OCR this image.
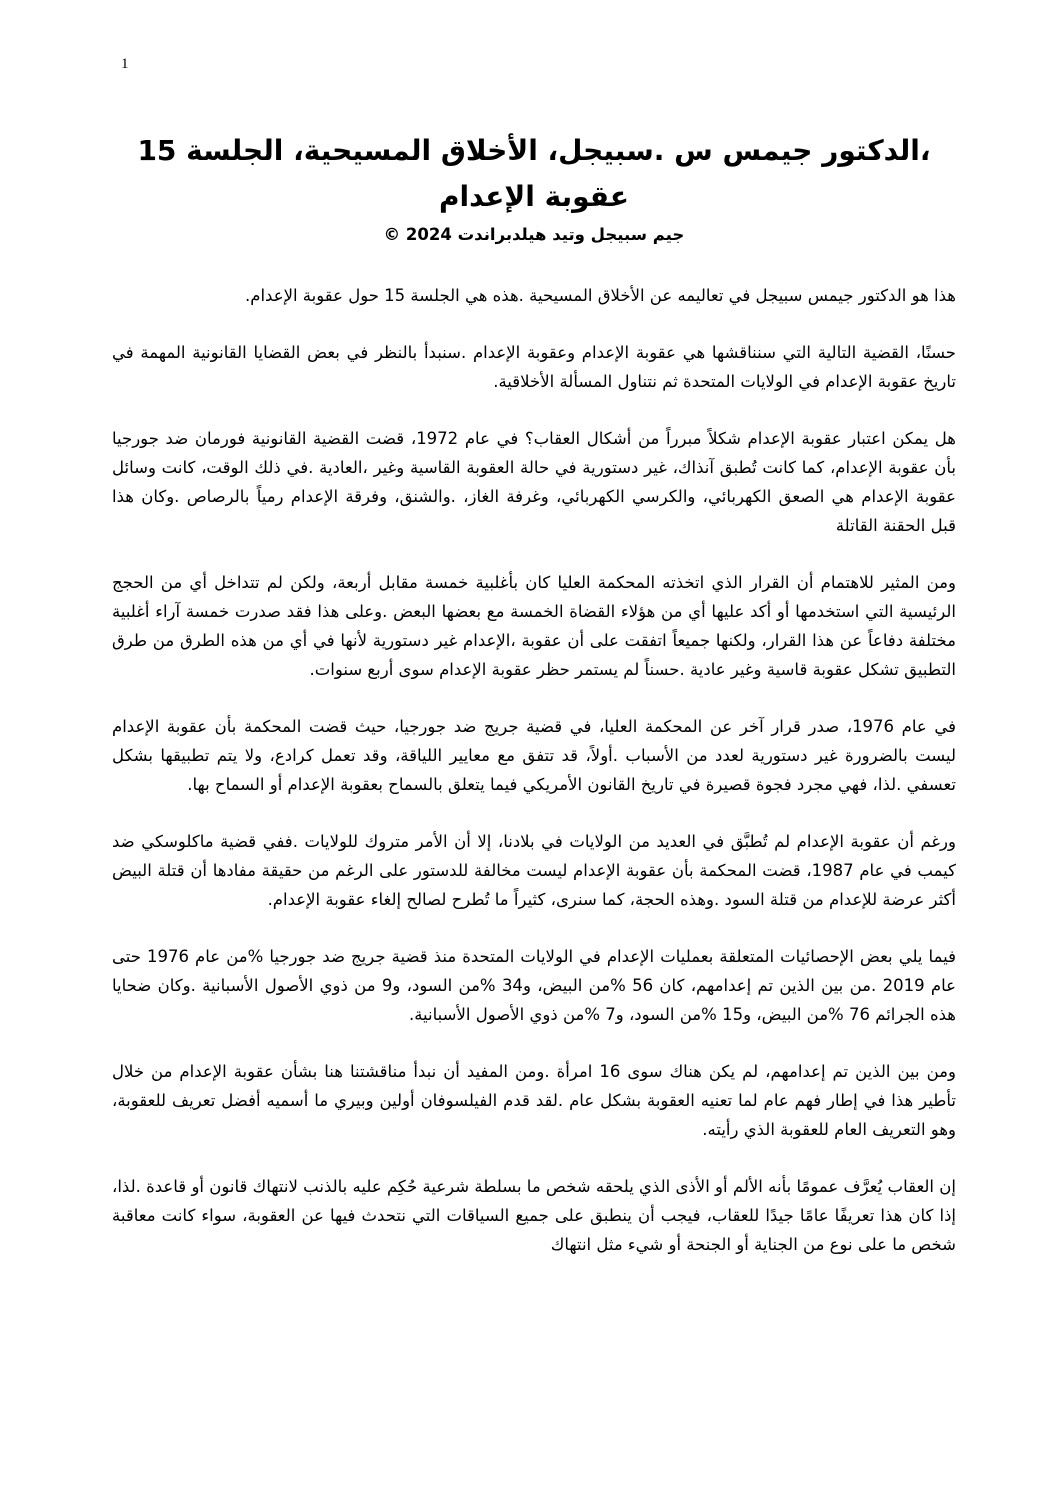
1
،الدكتور جيمس س .سبيجل، الأخلاق المسيحية، الجلسة 15
عقوبة الإعدام
جيم سبيجل وتيد هيلدبراندت 2024 ©

هذا هو الدكتور جيمس سبيجل في تعاليمه عن الأخلاق المسيحية .هذه هي الجلسة 15 حول عقوبة الإعدام.

حسنًا، القضية التالية التي سنناقشها هي عقوبة الإعدام وعقوبة الإعدام .سنبدأ بالنظر في بعض القضايا القانونية المهمة في تاريخ عقوبة الإعدام في الولايات المتحدة ثم نتناول المسألة الأخلاقية.

هل يمكن اعتبار عقوبة الإعدام شكلاً مبرراً من أشكال العقاب؟ في عام 1972، قضت القضية القانونية فورمان ضد جورجيا بأن عقوبة الإعدام، كما كانت تُطبق آنذاك، غير دستورية في حالة العقوبة القاسية وغير ،العادية .في ذلك الوقت، كانت وسائل عقوبة الإعدام هي الصعق الكهربائي، والكرسي الكهربائي، وغرفة الغاز، .والشنق، وفرقة الإعدام رمياً بالرصاص .وكان هذا قبل الحقنة القاتلة

ومن المثير للاهتمام أن القرار الذي اتخذته المحكمة العليا كان بأغلبية خمسة مقابل أربعة، ولكن لم تتداخل أي من الحجج الرئيسية التي استخدمها أو أكد عليها أي من هؤلاء القضاة الخمسة مع بعضها البعض .وعلى هذا فقد صدرت خمسة آراء أغلبية مختلفة دفاعاً عن هذا القرار، ولكنها جميعاً اتفقت على أن عقوبة ،الإعدام غير دستورية لأنها في أي من هذه الطرق من طرق التطبيق تشكل عقوبة قاسية وغير عادية .حسناً لم يستمر حظر عقوبة الإعدام سوى أربع سنوات.

في عام 1976، صدر قرار آخر عن المحكمة العليا، في قضية جريج ضد جورجيا، حيث قضت المحكمة بأن عقوبة الإعدام ليست بالضرورة غير دستورية لعدد من الأسباب .أولاً، قد تتفق مع معايير اللياقة، وقد تعمل كرادع، ولا يتم تطبيقها بشكل تعسفي .لذا، فهي مجرد فجوة قصيرة في تاريخ القانون الأمريكي فيما يتعلق بالسماح بعقوبة الإعدام أو السماح بها.

ورغم أن عقوبة الإعدام لم تُطبَّق في العديد من الولايات في بلادنا، إلا أن الأمر متروك للولايات .ففي قضية ماكلوسكي ضد كيمب في عام 1987، قضت المحكمة بأن عقوبة الإعدام ليست مخالفة للدستور على الرغم من حقيقة مفادها أن قتلة البيض أكثر عرضة للإعدام من قتلة السود .وهذه الحجة، كما سنرى، كثيراً ما تُطرح لصالح إلغاء عقوبة الإعدام.

فيما يلي بعض الإحصائيات المتعلقة بعمليات الإعدام في الولايات المتحدة منذ قضية جريج ضد جورجيا %من عام 1976 حتى عام 2019 .من بين الذين تم إعدامهم، كان 56 %من البيض، و34 %من السود، و9 من ذوي الأصول الأسبانية .وكان ضحايا هذه الجرائم 76 %من البيض، و15 %من السود، و7 %من ذوي الأصول الأسبانية.

ومن بين الذين تم إعدامهم، لم يكن هناك سوى 16 امرأة .ومن المفيد أن نبدأ مناقشتنا هنا بشأن عقوبة الإعدام من خلال تأطير هذا في إطار فهم عام لما تعنيه العقوبة بشكل عام .لقد قدم الفيلسوفان أولين وبيري ما أسميه أفضل تعريف للعقوبة، وهو التعريف العام للعقوبة الذي رأيته.

إن العقاب يُعرَّف عمومًا بأنه الألم أو الأذى الذي يلحقه شخص ما بسلطة شرعية حُكِم عليه بالذنب لانتهاك قانون أو قاعدة .لذا، إذا كان هذا تعريفًا عامًا جيدًا للعقاب، فيجب أن ينطبق على جميع السياقات التي نتحدث فيها عن العقوبة، سواء كانت معاقبة شخص ما على نوع من الجناية أو الجنحة أو شيء مثل انتهاك
